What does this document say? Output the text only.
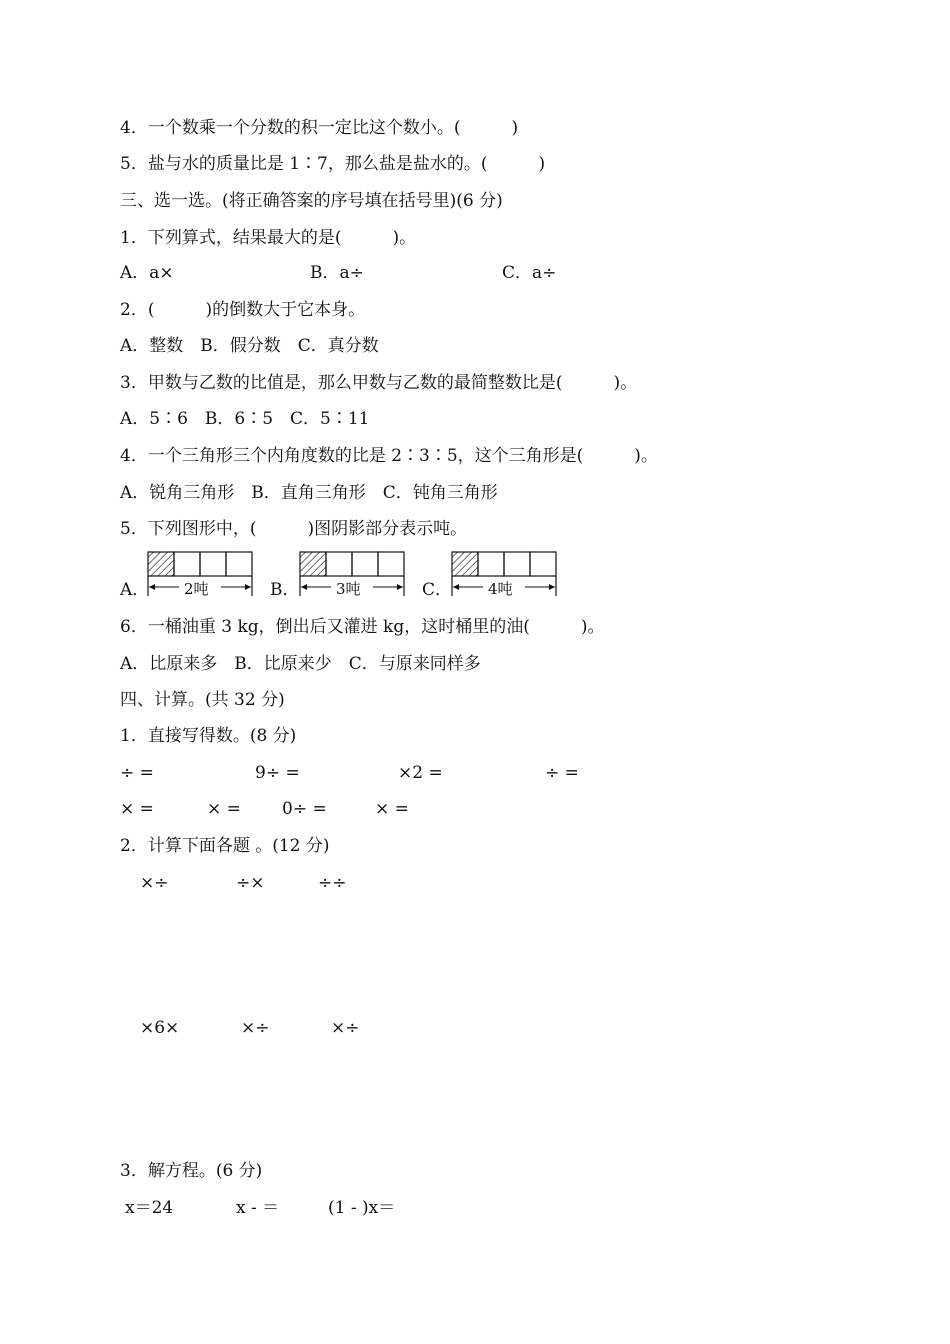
4．一个数乘一个分数的积一定比这个数小。(　　　)
5．盐与水的质量比是 1∶7，那么盐是盐水的。(　　　)
三、选一选。(将正确答案的序号填在括号里)(6 分)
1．下列算式，结果最大的是(　　　)。
A．a×	B．a÷	C．a÷
2．(　　　)的倒数大于它本身。
A．整数　B．假分数　C．真分数
3．甲数与乙数的比值是，那么甲数与乙数的最简整数比是(　　　)。
A．5∶6　B．6∶5　C．5∶11
4．一个三角形三个内角度数的比是 2∶3∶5，这个三角形是(　　　)。
A．锐角三角形　B．直角三角形　C．钝角三角形
5．下列图形中，(　　　)图阴影部分表示吨。
A． 2吨	B． 3吨	C． 4吨
6．一桶油重 3 kg，倒出后又灌进 kg，这时桶里的油(　　　)。
A．比原来多　B．比原来少　C．与原来同样多
四、计算。(共 32 分)
1．直接写得数。(8 分)
÷ =	9÷ =	×2 =	÷ =
× =	× = 0÷ =	× =
2．计算下面各题 。(12 分)
×÷	÷×	÷÷
×6×	×÷	×÷
3．解方程。(6 分)
x＝24	x - ＝	(1 - )x＝
